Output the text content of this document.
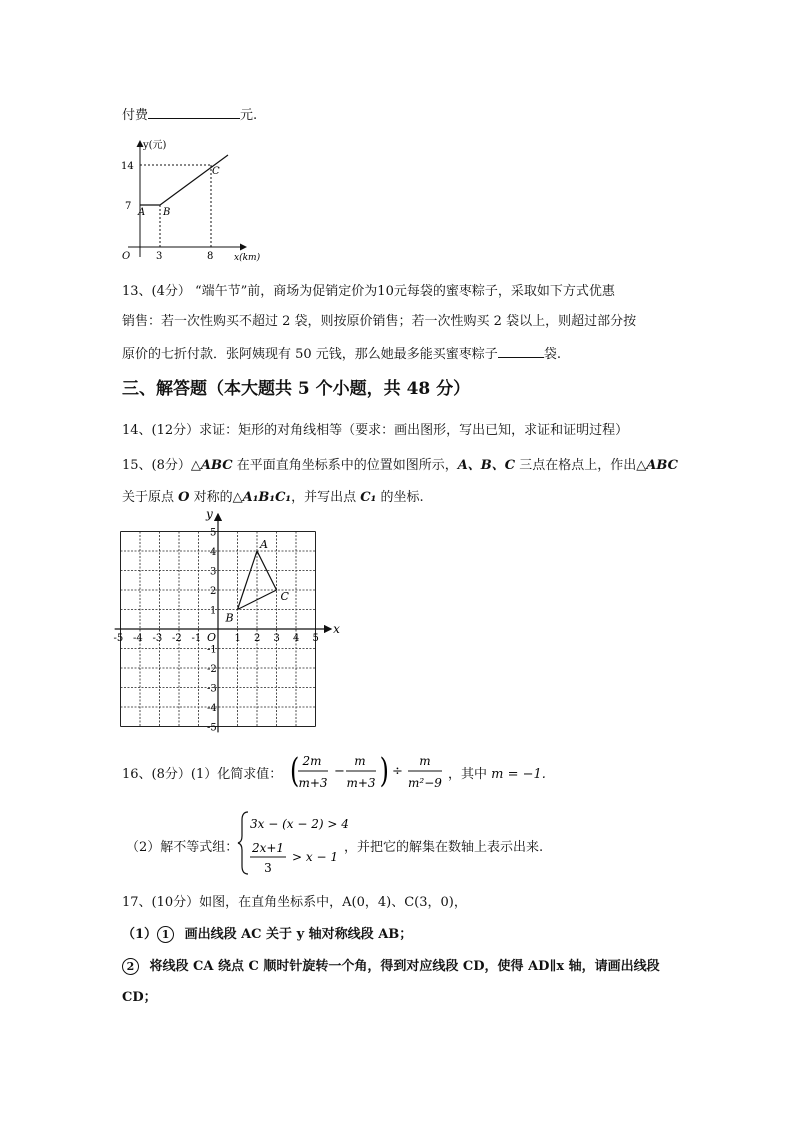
付费	元.
y(元)
x(km)
O
14
7
3	8
A B
C
13、(4分） “端午节”前，商场为促销定价为10元每袋的蜜枣粽子，采取如下方式优惠
销售：若一次性购买不超过 2 袋，则按原价销售；若一次性购买 2 袋以上，则超过部分按
原价的七折付款．张阿姨现有 50 元钱，那么她最多能买蜜枣粽子	袋.
三、解答题（本大题共 5 个小题，共 48 分）
14、(12分）求证：矩形的对角线相等（要求：画出图形，写出已知，求证和证明过程）
15、(8分）△ABC 在平面直角坐标系中的位置如图所示，A、B、C 三点在格点上，作出△ABC
关于原点 O 对称的△A₁B₁C₁，并写出点 C₁ 的坐标.
-5
-5
-4
-4
-3
-3
-2
-2
-1
-1
1
1
2
2
3
3
4
4
5
5
A
B
C
x
y
O
16、(8分）(1）化简求值： ( 2m
m+3
−
m
m+3 ) ÷
m
m²−9
，其中 m = −1.
（2）解不等式组：
3x − (x − 2) > 4
2x+1
3
> x − 1
，并把它的解集在数轴上表示出来.
17、(10分）如图，在直角坐标系中，A(0，4)、C(3，0)，
（1） 1 画出线段 AC 关于 y 轴对称线段 AB；
2 将线段 CA 绕点 C 顺时针旋转一个角，得到对应线段 CD，使得 AD∥x 轴，请画出线段
CD；
